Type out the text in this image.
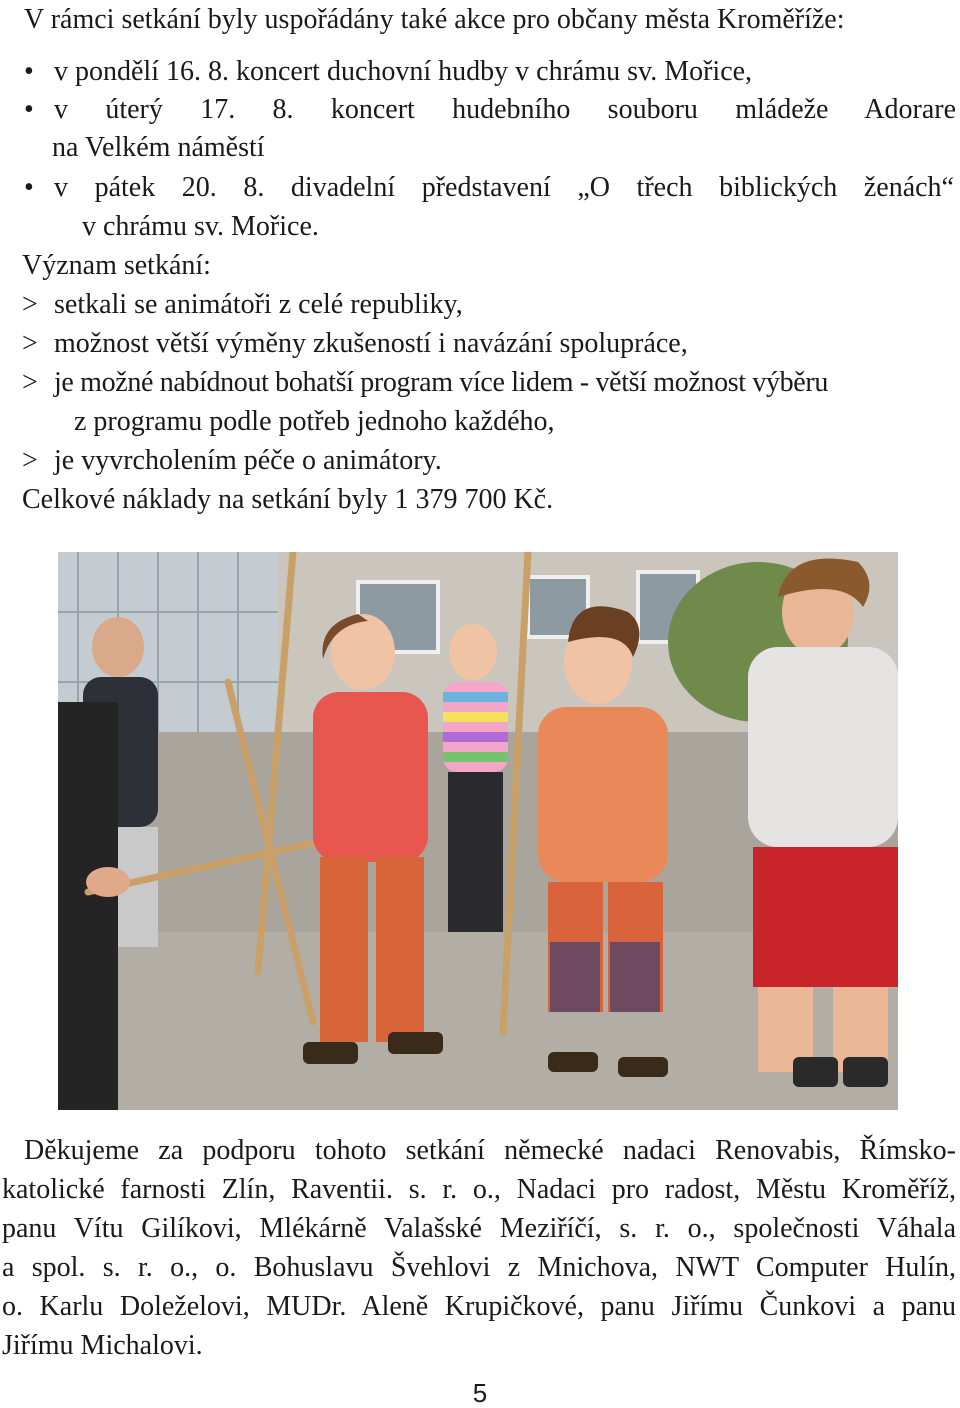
V rámci setkání byly uspořádány také akce pro občany města Kroměříže:
• v pondělí 16. 8. koncert duchovní hudby v chrámu sv. Mořice,
• v úterý 17. 8. koncert hudebního souboru mládeže Adorare
na Velkém náměstí
• v pátek 20. 8. divadelní představení „O třech biblických ženách“
v chrámu sv. Mořice.
Význam setkání:
> setkali se animátoři z celé republiky,
> možnost větší výměny zkušeností i navázání spolupráce,
> je možné nabídnout bohatší program více lidem - větší možnost výběru
z programu podle potřeb jednoho každého,
> je vyvrcholením péče o animátory.
Celkové náklady na setkání byly 1 379 700 Kč.
Děkujeme za podporu tohoto setkání německé nadaci Renovabis, Římsko-
katolické farnosti Zlín, Raventii. s. r. o., Nadaci pro radost, Městu Kroměříž,
panu Vítu Gilíkovi, Mlékárně Valašské Meziříčí, s. r. o., společnosti Váhala
a spol. s. r. o., o. Bohuslavu Švehlovi z Mnichova, NWT Computer Hulín,
o. Karlu Doleželovi, MUDr. Aleně Krupičkové, panu Jiřímu Čunkovi a panu
Jiřímu Michalovi.
5
